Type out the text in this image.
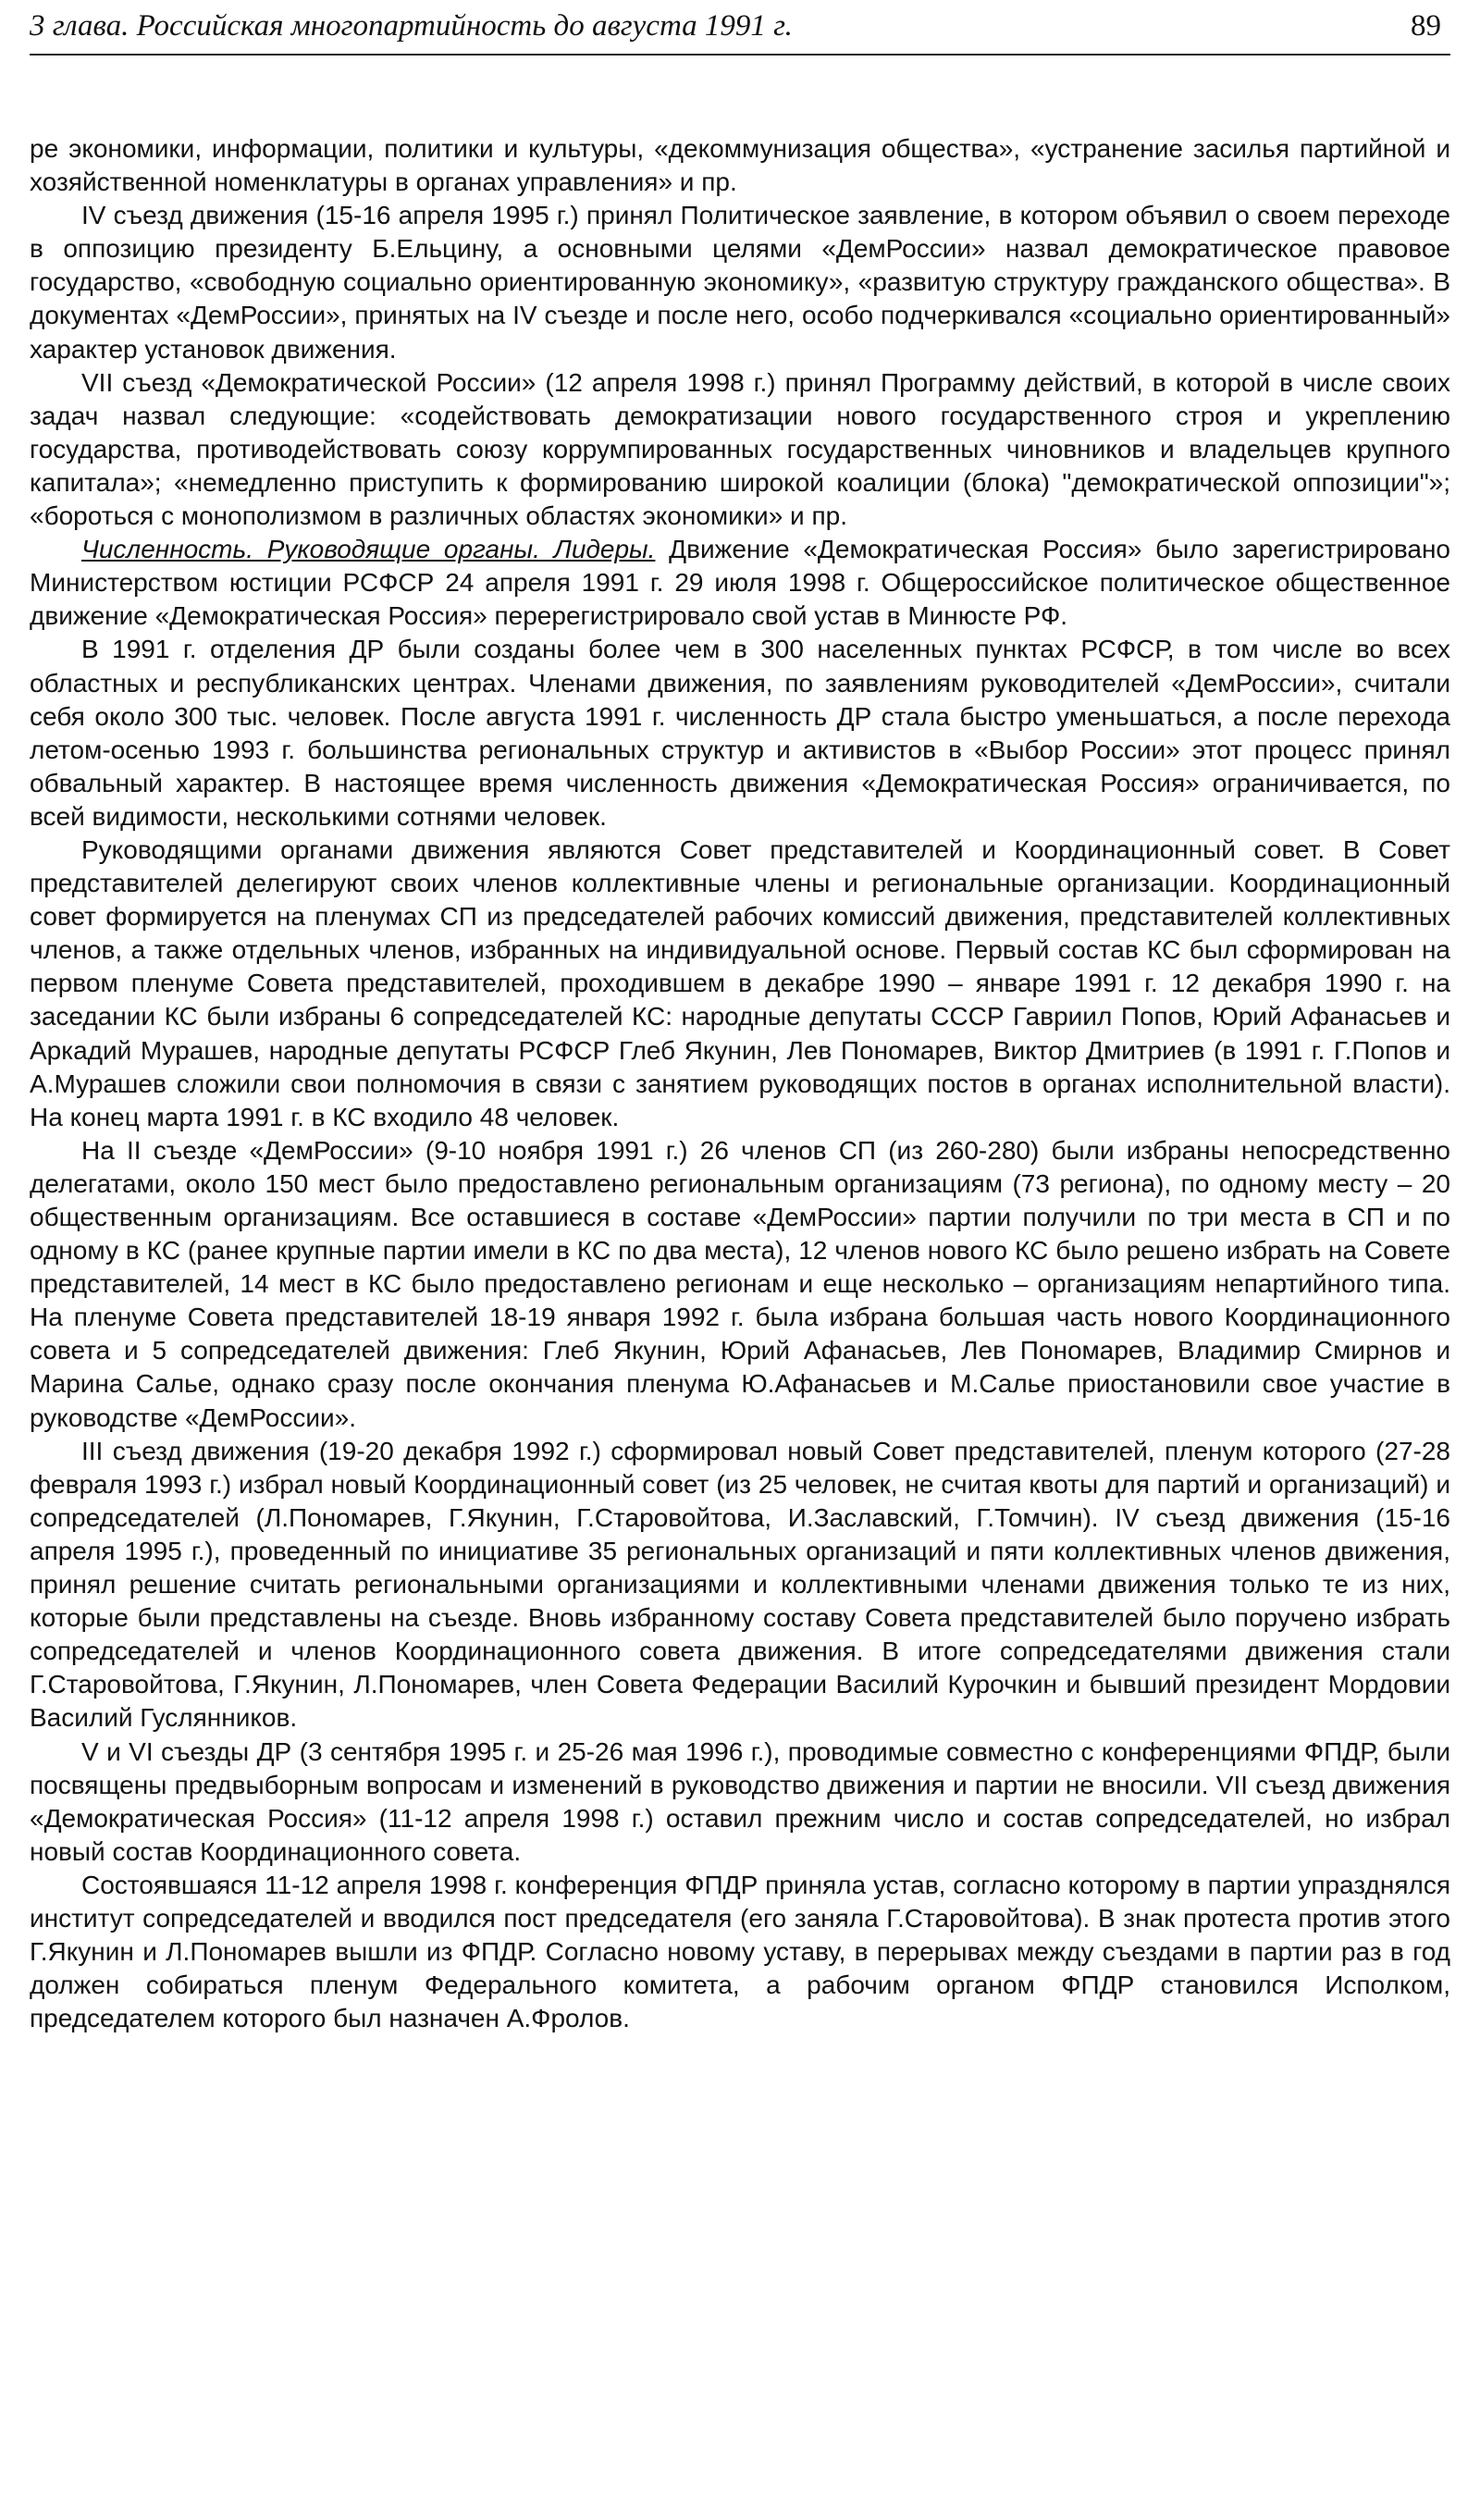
3 глава. Российская многопартийность до августа 1991 г.	89

ре экономики, информации, политики и культуры, «декоммунизация общества», «устранение засилья партийной и хозяйственной номенклатуры в органах управления» и пр.

IV съезд движения (15-16 апреля 1995 г.) принял Политическое заявление, в котором объявил о своем переходе в оппозицию президенту Б.Ельцину, а основными целями «ДемРоссии» назвал демократическое правовое государство, «свободную социально ориентированную экономику», «развитую структуру гражданского общества». В документах «ДемРоссии», принятых на IV съезде и после него, особо подчеркивался «социально ориентированный» характер установок движения.

VII съезд «Демократической России» (12 апреля 1998 г.) принял Программу действий, в которой в числе своих задач назвал следующие: «содействовать демократизации нового государственного строя и укреплению государства, противодействовать союзу коррумпированных государственных чиновников и владельцев крупного капитала»; «немедленно приступить к формированию широкой коалиции (блока) "демократической оппозиции"»; «бороться с монополизмом в различных областях экономики» и пр.

Численность. Руководящие органы. Лидеры. Движение «Демократическая Россия» было зарегистрировано Министерством юстиции РСФСР 24 апреля 1991 г. 29 июля 1998 г. Общероссийское политическое общественное движение «Демократическая Россия» перерегистрировало свой устав в Минюсте РФ.

В 1991 г. отделения ДР были созданы более чем в 300 населенных пунктах РСФСР, в том числе во всех областных и республиканских центрах. Членами движения, по заявлениям руководителей «ДемРоссии», считали себя около 300 тыс. человек. После августа 1991 г. численность ДР стала быстро уменьшаться, а после перехода летом-осенью 1993 г. большинства региональных структур и активистов в «Выбор России» этот процесс принял обвальный характер. В настоящее время численность движения «Демократическая Россия» ограничивается, по всей видимости, несколькими сотнями человек.

Руководящими органами движения являются Совет представителей и Координационный совет. В Совет представителей делегируют своих членов коллективные члены и региональные организации. Координационный совет формируется на пленумах СП из председателей рабочих комиссий движения, представителей коллективных членов, а также отдельных членов, избранных на индивидуальной основе. Первый состав КС был сформирован на первом пленуме Совета представителей, проходившем в декабре 1990 – январе 1991 г. 12 декабря 1990 г. на заседании КС были избраны 6 сопредседателей КС: народные депутаты СССР Гавриил Попов, Юрий Афанасьев и Аркадий Мурашев, народные депутаты РСФСР Глеб Якунин, Лев Пономарев, Виктор Дмитриев (в 1991 г. Г.Попов и А.Мурашев сложили свои полномочия в связи с занятием руководящих постов в органах исполнительной власти). На конец марта 1991 г. в КС входило 48 человек.

На II съезде «ДемРоссии» (9-10 ноября 1991 г.) 26 членов СП (из 260-280) были избраны непосредственно делегатами, около 150 мест было предоставлено региональным организациям (73 региона), по одному месту – 20 общественным организациям. Все оставшиеся в составе «ДемРоссии» партии получили по три места в СП и по одному в КС (ранее крупные партии имели в КС по два места), 12 членов нового КС было решено избрать на Совете представителей, 14 мест в КС было предоставлено регионам и еще несколько – организациям непартийного типа. На пленуме Совета представителей 18-19 января 1992 г. была избрана большая часть нового Координационного совета и 5 сопредседателей движения: Глеб Якунин, Юрий Афанасьев, Лев Пономарев, Владимир Смирнов и Марина Салье, однако сразу после окончания пленума Ю.Афанасьев и М.Салье приостановили свое участие в руководстве «ДемРоссии».

III съезд движения (19-20 декабря 1992 г.) сформировал новый Совет представителей, пленум которого (27-28 февраля 1993 г.) избрал новый Координационный совет (из 25 человек, не считая квоты для партий и организаций) и сопредседателей (Л.Пономарев, Г.Якунин, Г.Старовойтова, И.Заславский, Г.Томчин). IV съезд движения (15-16 апреля 1995 г.), проведенный по инициативе 35 региональных организаций и пяти коллективных членов движения, принял решение считать региональными организациями и коллективными членами движения только те из них, которые были представлены на съезде. Вновь избранному составу Совета представителей было поручено избрать сопредседателей и членов Координационного совета движения. В итоге сопредседателями движения стали Г.Старовойтова, Г.Якунин, Л.Пономарев, член Совета Федерации Василий Курочкин и бывший президент Мордовии Василий Гуслянников.

V и VI съезды ДР (3 сентября 1995 г. и 25-26 мая 1996 г.), проводимые совместно с конференциями ФПДР, были посвящены предвыборным вопросам и изменений в руководство движения и партии не вносили. VII съезд движения «Демократическая Россия» (11-12 апреля 1998 г.) оставил прежним число и состав сопредседателей, но избрал новый состав Координационного совета.

Состоявшаяся 11-12 апреля 1998 г. конференция ФПДР приняла устав, согласно которому в партии упразднялся институт сопредседателей и вводился пост председателя (его заняла Г.Старовойтова). В знак протеста против этого Г.Якунин и Л.Пономарев вышли из ФПДР. Согласно новому уставу, в перерывах между съездами в партии раз в год должен собираться пленум Федерального комитета, а рабочим органом ФПДР становился Исполком, председателем которого был назначен А.Фролов.
